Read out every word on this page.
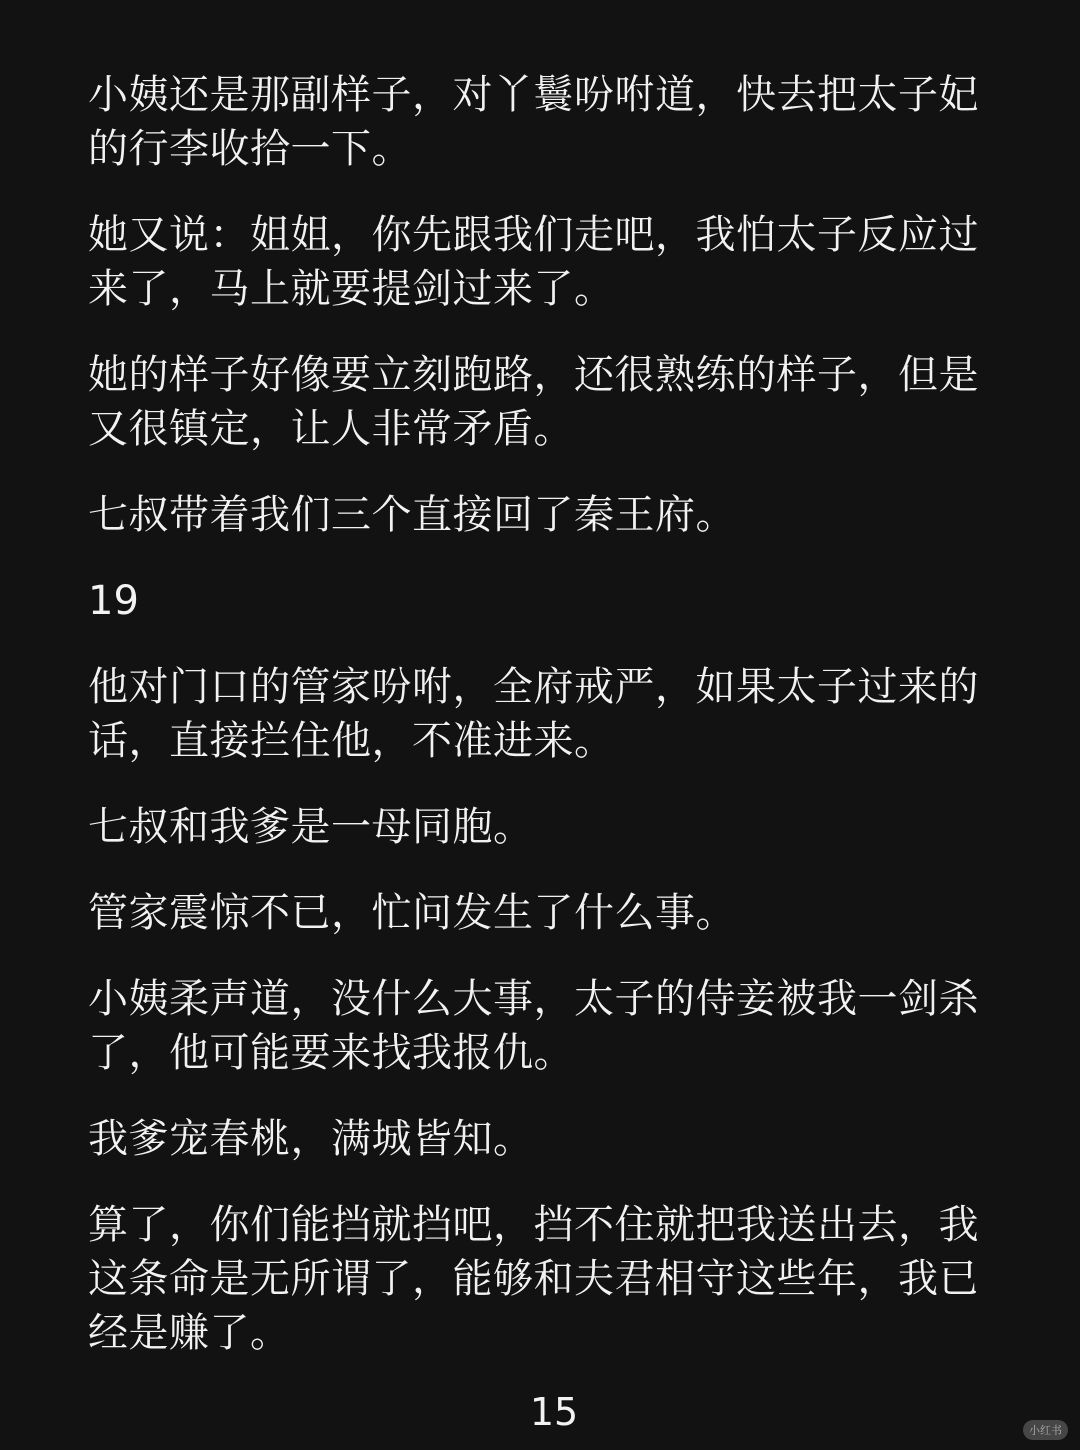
小姨还是那副样子，对丫鬟吩咐道，快去把太子妃的行李收拾一下。

她又说：姐姐，你先跟我们走吧，我怕太子反应过来了，马上就要提剑过来了。

她的样子好像要立刻跑路，还很熟练的样子，但是又很镇定，让人非常矛盾。

七叔带着我们三个直接回了秦王府。

19

他对门口的管家吩咐，全府戒严，如果太子过来的话，直接拦住他，不准进来。

七叔和我爹是一母同胞。

管家震惊不已，忙问发生了什么事。

小姨柔声道，没什么大事，太子的侍妾被我一剑杀了，他可能要来找我报仇。

我爹宠春桃，满城皆知。

算了，你们能挡就挡吧，挡不住就把我送出去，我这条命是无所谓了，能够和夫君相守这些年，我已经是赚了。

15	小红书
